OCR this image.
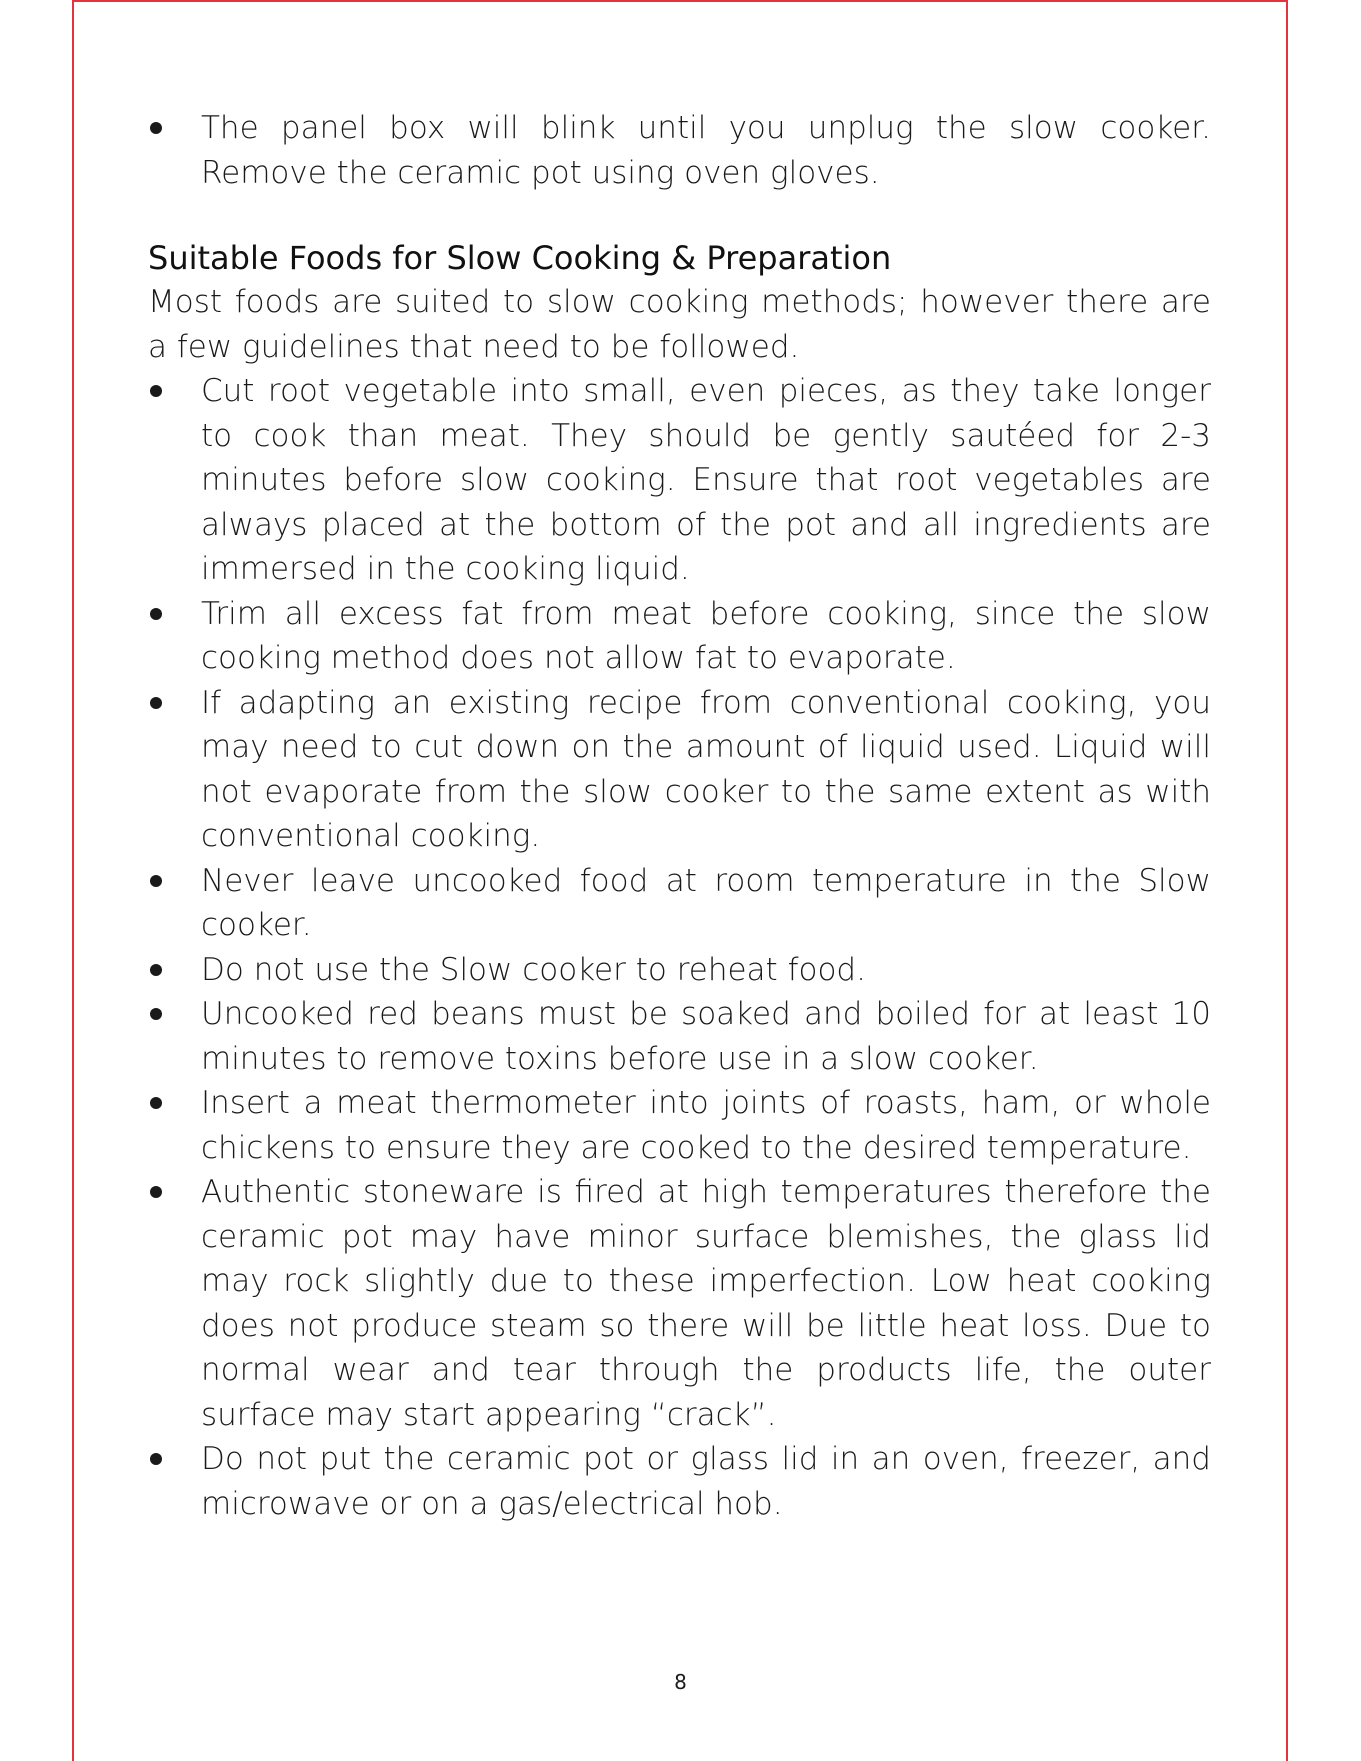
The panel box will blink until you unplug the slow cooker. Remove the ceramic pot using oven gloves.
Suitable Foods for Slow Cooking & Preparation
Most foods are suited to slow cooking methods; however there are a few guidelines that need to be followed.
Cut root vegetable into small, even pieces, as they take longer to cook than meat. They should be gently sautéed for 2-3 minutes before slow cooking. Ensure that root vegetables are always placed at the bottom of the pot and all ingredients are immersed in the cooking liquid.
Trim all excess fat from meat before cooking, since the slow cooking method does not allow fat to evaporate.
If adapting an existing recipe from conventional cooking, you may need to cut down on the amount of liquid used. Liquid will not evaporate from the slow cooker to the same extent as with conventional cooking.
Never leave uncooked food at room temperature in the Slow cooker.
Do not use the Slow cooker to reheat food.
Uncooked red beans must be soaked and boiled for at least 10 minutes to remove toxins before use in a slow cooker.
Insert a meat thermometer into joints of roasts, ham, or whole chickens to ensure they are cooked to the desired temperature.
Authentic stoneware is fired at high temperatures therefore the ceramic pot may have minor surface blemishes, the glass lid may rock slightly due to these imperfection. Low heat cooking does not produce steam so there will be little heat loss. Due to normal wear and tear through the products life, the outer surface may start appearing “crack”.
Do not put the ceramic pot or glass lid in an oven, freezer, and microwave or on a gas/electrical hob.
8
